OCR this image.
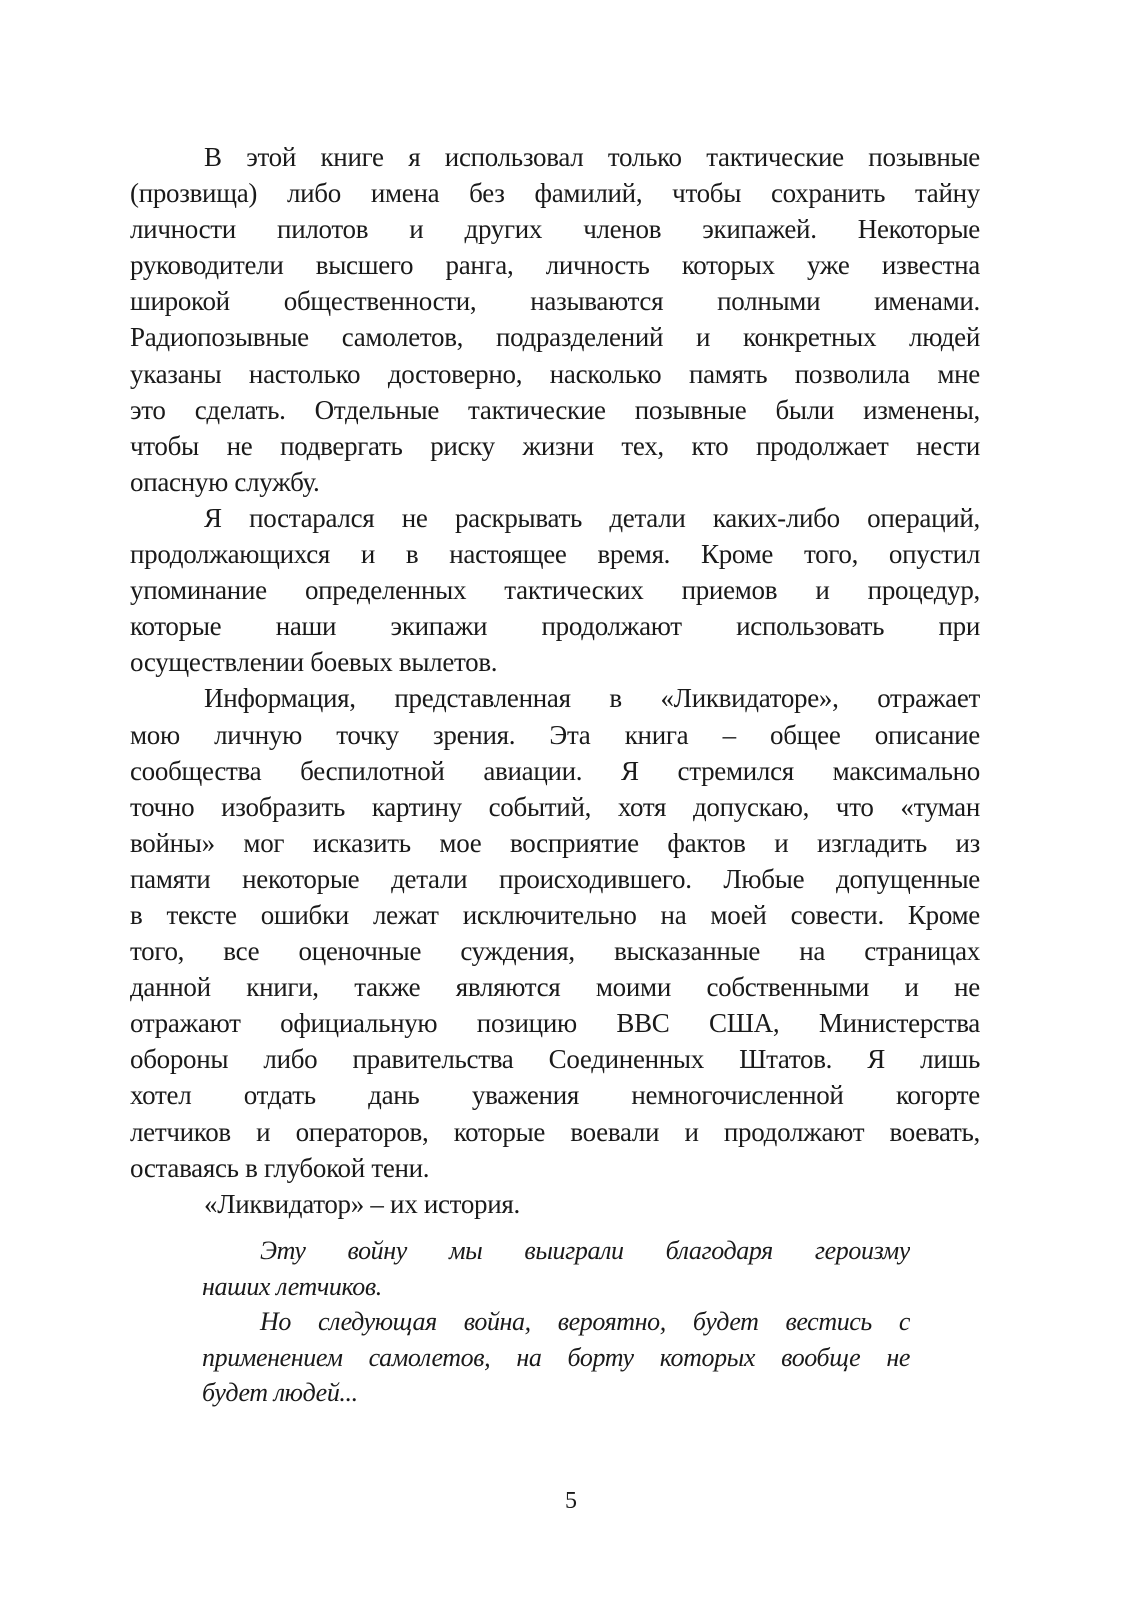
В этой книге я использовал только тактические позывные
(прозвища) либо имена без фамилий, чтобы сохранить тайну
личности пилотов и других членов экипажей. Некоторые
руководители высшего ранга, личность которых уже известна
широкой общественности, называются полными именами.
Радиопозывные самолетов, подразделений и конкретных людей
указаны настолько достоверно, насколько память позволила мне
это сделать. Отдельные тактические позывные были изменены,
чтобы не подвергать риску жизни тех, кто продолжает нести
опасную службу.
Я постарался не раскрывать детали каких-либо операций,
продолжающихся и в настоящее время. Кроме того, опустил
упоминание определенных тактических приемов и процедур,
которые наши экипажи продолжают использовать при
осуществлении боевых вылетов.
Информация, представленная в «Ликвидаторе», отражает
мою личную точку зрения. Эта книга – общее описание
сообщества беспилотной авиации. Я стремился максимально
точно изобразить картину событий, хотя допускаю, что «туман
войны» мог исказить мое восприятие фактов и изгладить из
памяти некоторые детали происходившего. Любые допущенные
в тексте ошибки лежат исключительно на моей совести. Кроме
того, все оценочные суждения, высказанные на страницах
данной книги, также являются моими собственными и не
отражают официальную позицию ВВС США, Министерства
обороны либо правительства Соединенных Штатов. Я лишь
хотел отдать дань уважения немногочисленной когорте
летчиков и операторов, которые воевали и продолжают воевать,
оставаясь в глубокой тени.
«Ликвидатор» – их история.
Эту войну мы выиграли благодаря героизму
наших летчиков.
Но следующая война, вероятно, будет вестись с
применением самолетов, на борту которых вообще не
будет людей...
5
